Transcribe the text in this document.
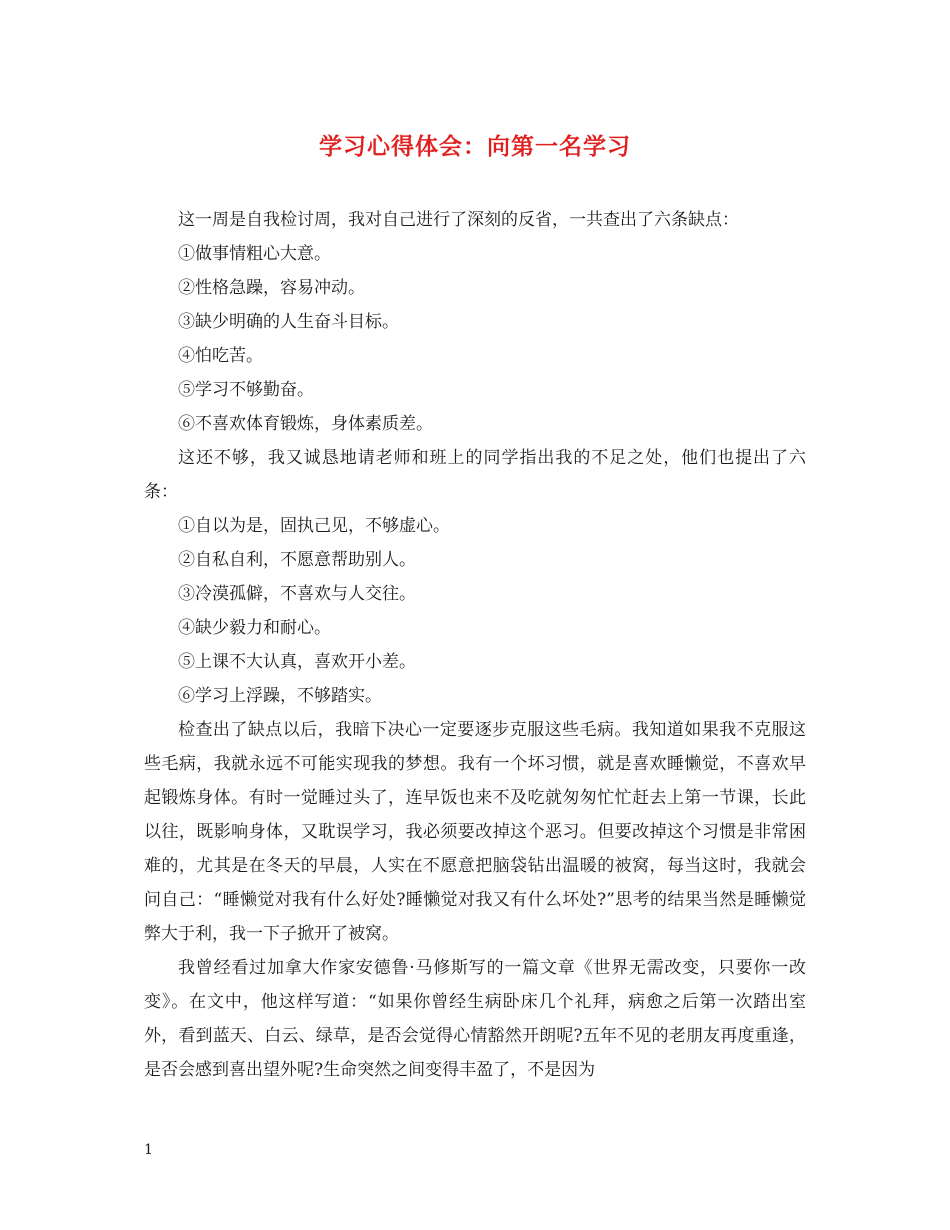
学习心得体会：向第一名学习

这一周是自我检讨周，我对自己进行了深刻的反省，一共查出了六条缺点：

①做事情粗心大意。

②性格急躁，容易冲动。

③缺少明确的人生奋斗目标。

④怕吃苦。

⑤学习不够勤奋。

⑥不喜欢体育锻炼，身体素质差。

这还不够，我又诚恳地请老师和班上的同学指出我的不足之处，他们也提出了六条：

①自以为是，固执己见，不够虚心。

②自私自利，不愿意帮助别人。

③冷漠孤僻，不喜欢与人交往。

④缺少毅力和耐心。

⑤上课不大认真，喜欢开小差。

⑥学习上浮躁，不够踏实。

检查出了缺点以后，我暗下决心一定要逐步克服这些毛病。我知道如果我不克服这些毛病，我就永远不可能实现我的梦想。我有一个坏习惯，就是喜欢睡懒觉，不喜欢早起锻炼身体。有时一觉睡过头了，连早饭也来不及吃就匆匆忙忙赶去上第一节课，长此以往，既影响身体，又耽误学习，我必须要改掉这个恶习。但要改掉这个习惯是非常困难的，尤其是在冬天的早晨，人实在不愿意把脑袋钻出温暖的被窝，每当这时，我就会问自己：“睡懒觉对我有什么好处?睡懒觉对我又有什么坏处?”思考的结果当然是睡懒觉弊大于利，我一下子掀开了被窝。

我曾经看过加拿大作家安德鲁·马修斯写的一篇文章《世界无需改变，只要你一改变》。在文中，他这样写道：“如果你曾经生病卧床几个礼拜，病愈之后第一次踏出室外，看到蓝天、白云、绿草，是否会觉得心情豁然开朗呢?五年不见的老朋友再度重逢，是否会感到喜出望外呢?生命突然之间变得丰盈了，不是因为

1
